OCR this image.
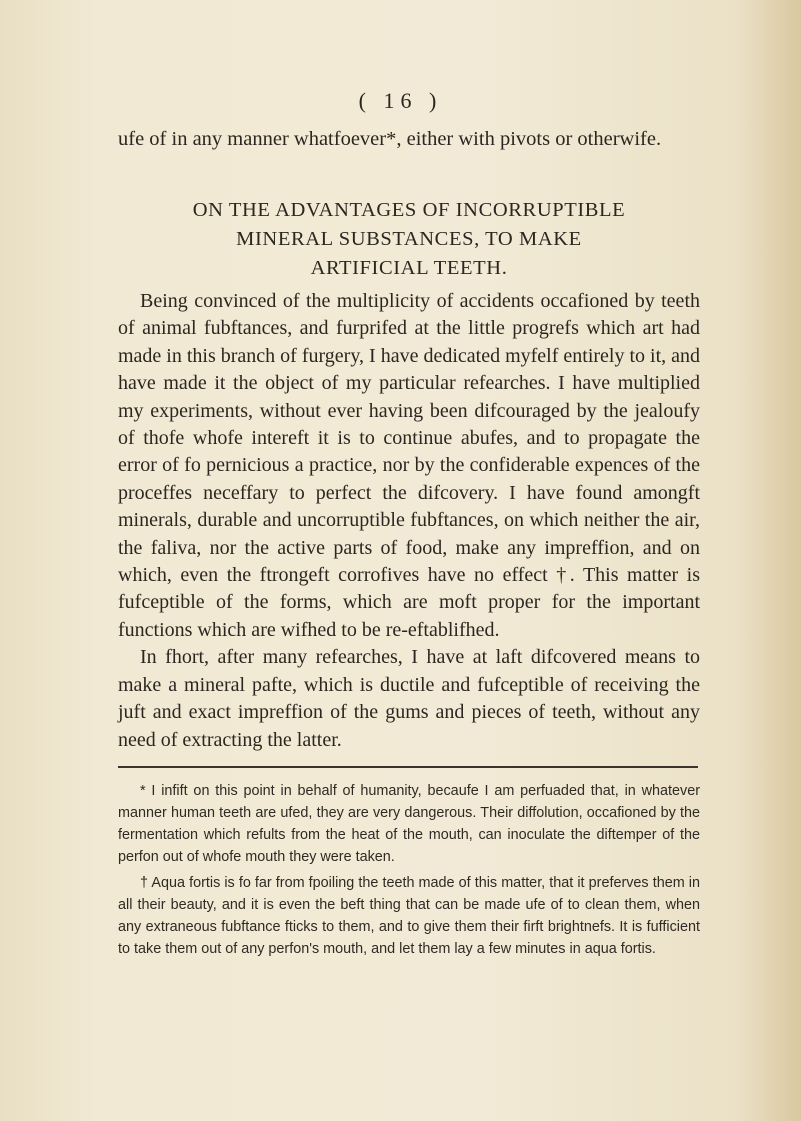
( 16 )
ufe of in any manner whatfoever*, either with pivots or otherwife.
ON THE ADVANTAGES OF INCORRUPTIBLE
MINERAL SUBSTANCES, TO MAKE
ARTIFICIAL TEETH.

Being convinced of the multiplicity of accidents occafioned by teeth of animal fubftances, and furprifed at the little progrefs which art had made in this branch of furgery, I have dedicated myfelf entirely to it, and have made it the object of my particular refearches. I have multiplied my experiments, without ever having been difcouraged by the jealoufy of thofe whofe intereft it is to continue abufes, and to propagate the error of fo pernicious a practice, nor by the confiderable expences of the proceffes neceffary to perfect the difcovery. I have found amongft minerals, durable and uncorruptible fubftances, on which neither the air, the faliva, nor the active parts of food, make any impreffion, and on which, even the ftrongeft corrofives have no effect †. This matter is fufceptible of the forms, which are moft proper for the important functions which are wifhed to be re-eftablifhed.

In fhort, after many refearches, I have at laft difcovered means to make a mineral pafte, which is ductile and fufceptible of receiving the juft and exact impreffion of the gums and pieces of teeth, without any need of extracting the latter.

* I infift on this point in behalf of humanity, becaufe I am perfuaded that, in whatever manner human teeth are ufed, they are very dangerous. Their diffolution, occafioned by the fermentation which refults from the heat of the mouth, can inoculate the diftemper of the perfon out of whofe mouth they were taken.

† Aqua fortis is fo far from fpoiling the teeth made of this matter, that it preferves them in all their beauty, and it is even the beft thing that can be made ufe of to clean them, when any extraneous fubftance fticks to them, and to give them their firft brightnefs. It is fufficient to take them out of any perfon's mouth, and let them lay a few minutes in aqua fortis.
